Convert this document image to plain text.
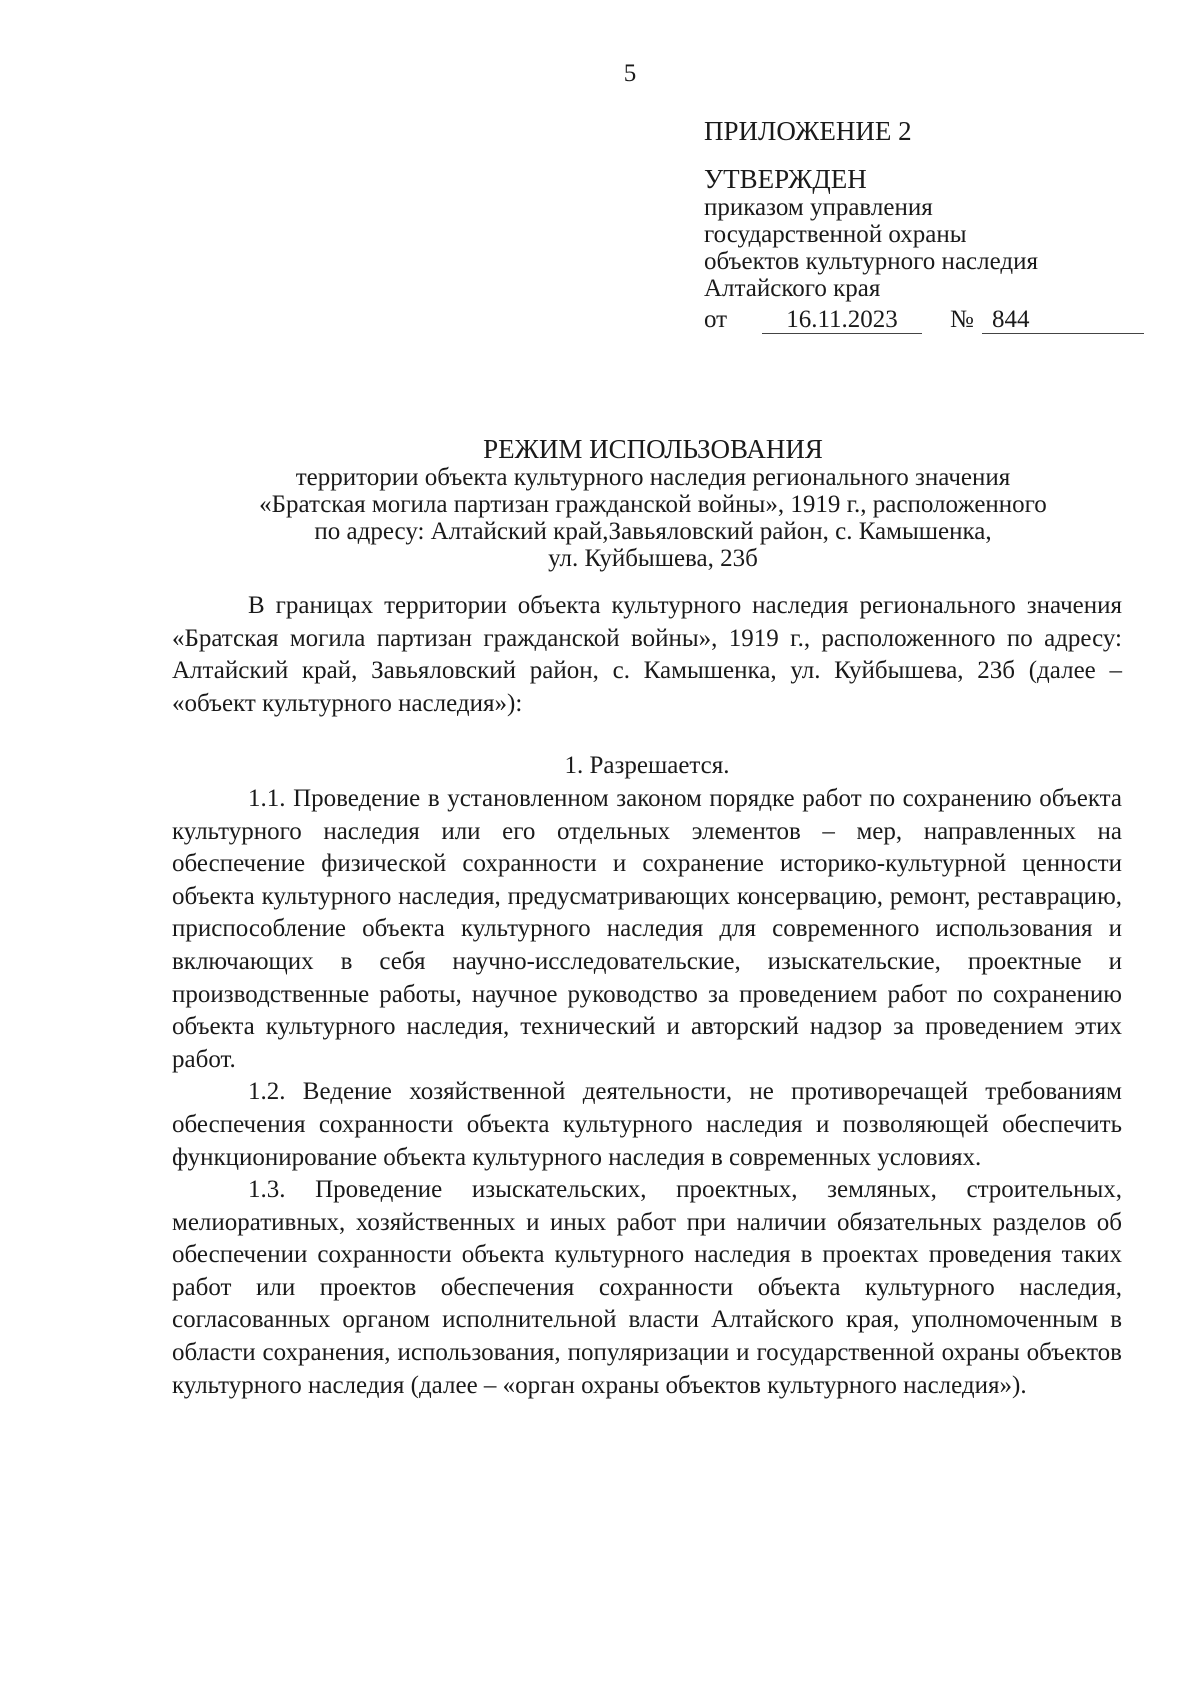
5
ПРИЛОЖЕНИЕ 2
УТВЕРЖДЕН
приказом управления
государственной охраны
объектов культурного наследия
Алтайского края
от	16.11.2023	№ 844
РЕЖИМ ИСПОЛЬЗОВАНИЯ
территории объекта культурного наследия регионального значения
«Братская могила партизан гражданской войны», 1919 г., расположенного
по адресу: Алтайский край,Завьяловский район, с. Камышенка,
ул. Куйбышева, 23б

В границах территории объекта культурного наследия регионального значения «Братская могила партизан гражданской войны», 1919 г., расположенного по адресу: Алтайский край, Завьяловский район, с. Камышенка, ул. Куйбышева, 23б (далее – «объект культурного наследия»):

1. Разрешается.

1.1. Проведение в установленном законом порядке работ по сохранению объекта культурного наследия или его отдельных элементов – мер, направленных на обеспечение физической сохранности и сохранение историко-культурной ценности объекта культурного наследия, предусматривающих консервацию, ремонт, реставрацию, приспособление объекта культурного наследия для современного использования и включающих в себя научно-исследовательские, изыскательские, проектные и производственные работы, научное руководство за проведением работ по сохранению объекта культурного наследия, технический и авторский надзор за проведением этих работ.

1.2. Ведение хозяйственной деятельности, не противоречащей требованиям обеспечения сохранности объекта культурного наследия и позволяющей обеспечить функционирование объекта культурного наследия в современных условиях.

1.3. Проведение изыскательских, проектных, земляных, строительных, мелиоративных, хозяйственных и иных работ при наличии обязательных разделов об обеспечении сохранности объекта культурного наследия в проектах проведения таких работ или проектов обеспечения сохранности объекта культурного наследия, согласованных органом исполнительной власти Алтайского края, уполномоченным в области сохранения, использования, популяризации и государственной охраны объектов культурного наследия (далее – «орган охраны объектов культурного наследия»).
